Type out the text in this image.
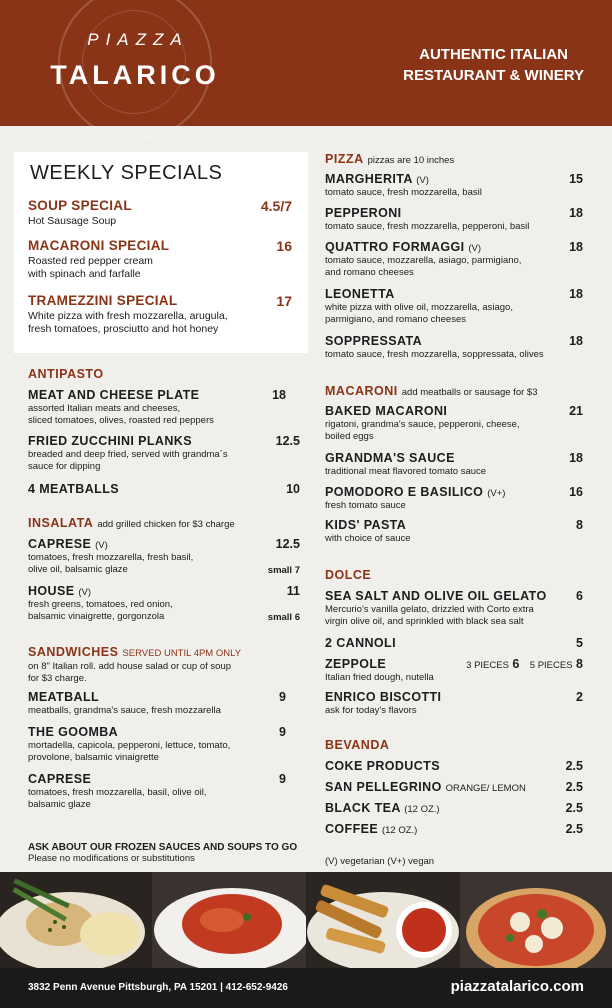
PIAZZA
TALARICO
AUTHENTIC ITALIAN
RESTAURANT & WINERY
WEEKLY SPECIALS
SOUP SPECIAL	4.5/7
Hot Sausage Soup
MACARONI SPECIAL	16
Roasted red pepper cream
with spinach and farfalle
TRAMEZZINI SPECIAL	17
White pizza with fresh mozzarella, arugula,
fresh tomatoes, prosciutto and hot honey
ANTIPASTO
MEAT AND CHEESE PLATE	18
assorted Italian meats and cheeses,
sliced tomatoes, olives, roasted red peppers
FRIED ZUCCHINI PLANKS	12.5
breaded and deep fried, served with grandma´s
sauce for dipping
4 MEATBALLS	10
INSALATA add grilled chicken for $3 charge
CAPRESE (V)	12.5
tomatoes, fresh mozzarella, fresh basil,
olive oil, balsamic glaze	small 7
HOUSE (V)	11
fresh greens, tomatoes, red onion,
balsamic vinaigrette, gorgonzola	small 6
SANDWICHES SERVED UNTIL 4PM ONLY
on 8" Italian roll. add house salad or cup of soup
for $3 charge.
MEATBALL	9
meatballs, grandma's sauce, fresh mozzarella
THE GOOMBA	9
mortadella, capicola, pepperoni, lettuce, tomato,
provolone, balsamic vinaigrette
CAPRESE	9
tomatoes, fresh mozzarella, basil, olive oil,
balsamic glaze
ASK ABOUT OUR FROZEN SAUCES AND SOUPS TO GO
Please no modifications or substitutions
PIZZA pizzas are 10 inches
MARGHERITA (V)	15
tomato sauce, fresh mozzarella, basil
PEPPERONI	18
tomato sauce, fresh mozzarella, pepperoni, basil
QUATTRO FORMAGGI (V)	18
tomato sauce, mozzarella, asiago, parmigiano,
and romano cheeses
LEONETTA	18
white pizza with olive oil, mozzarella, asiago,
parmigiano, and romano cheeses
SOPPRESSATA	18
tomato sauce, fresh mozzarella, soppressata, olives
MACARONI add meatballs or sausage for $3
BAKED MACARONI	21
rigatoni, grandma's sauce, pepperoni, cheese,
boiled eggs
GRANDMA'S SAUCE	18
traditional meat flavored tomato sauce
POMODORO E BASILICO (V+)	16
fresh tomato sauce
KIDS' PASTA	8
with choice of sauce
DOLCE
SEA SALT AND OLIVE OIL GELATO	6
Mercurio's vanilla gelato, drizzled with Corto extra
virgin olive oil, and sprinkled with black sea salt
2 CANNOLI	5
ZEPPOLE	3 PIECES 6 5 PIECES 8
Italian fried dough, nutella
ENRICO BISCOTTI	2
ask for today's flavors
BEVANDA
COKE PRODUCTS	2.5
SAN PELLEGRINO ORANGE/ LEMON	2.5
BLACK TEA (12 OZ.)	2.5
COFFEE (12 OZ.)	2.5
(V) vegetarian (V+) vegan
3832 Penn Avenue Pittsburgh, PA 15201 | 412-652-9426	piazzatalarico.com
